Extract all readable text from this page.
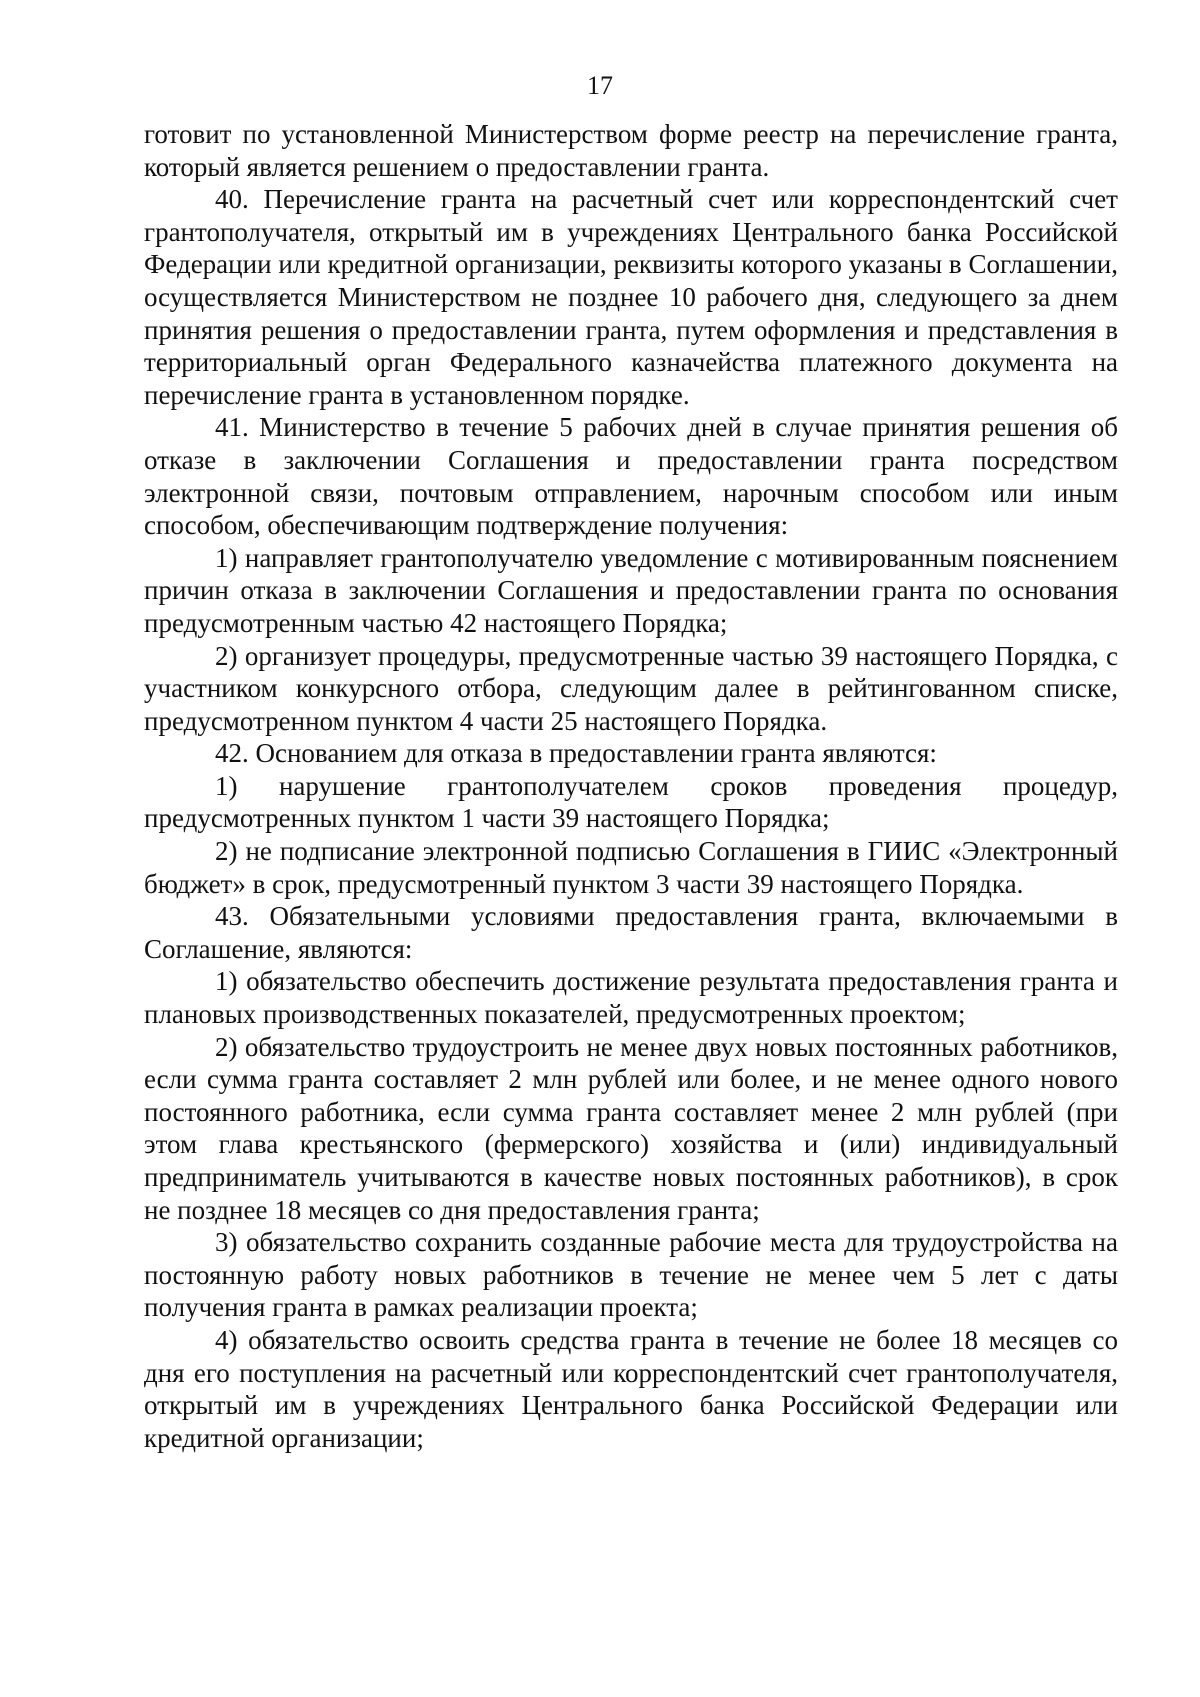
17

готовит по установленной Министерством форме реестр на перечисление гранта, который является решением о предоставлении гранта.

40. Перечисление гранта на расчетный счет или корреспондентский счет грантополучателя, открытый им в учреждениях Центрального банка Российской Федерации или кредитной организации, реквизиты которого указаны в Соглашении, осуществляется Министерством не позднее 10 рабочего дня, следующего за днем принятия решения о предоставлении гранта, путем оформления и представления в территориальный орган Федерального казначейства платежного документа на перечисление гранта в установленном порядке.

41. Министерство в течение 5 рабочих дней в случае принятия решения об отказе в заключении Соглашения и предоставлении гранта посредством электронной связи, почтовым отправлением, нарочным способом или иным способом, обеспечивающим подтверждение получения:

1) направляет грантополучателю уведомление с мотивированным пояснением причин отказа в заключении Соглашения и предоставлении гранта по основания предусмотренным частью 42 настоящего Порядка;

2) организует процедуры, предусмотренные частью 39 настоящего Порядка, с участником конкурсного отбора, следующим далее в рейтингованном списке, предусмотренном пунктом 4 части 25 настоящего Порядка.

42. Основанием для отказа в предоставлении гранта являются:

1) нарушение грантополучателем сроков проведения процедур, предусмотренных пунктом 1 части 39 настоящего Порядка;

2) не подписание электронной подписью Соглашения в ГИИС «Электронный бюджет» в срок, предусмотренный пунктом 3 части 39 настоящего Порядка.

43. Обязательными условиями предоставления гранта, включаемыми в Соглашение, являются:

1) обязательство обеспечить достижение результата предоставления гранта и плановых производственных показателей, предусмотренных проектом;

2) обязательство трудоустроить не менее двух новых постоянных работников, если сумма гранта составляет 2 млн рублей или более, и не менее одного нового постоянного работника, если сумма гранта составляет менее 2 млн рублей (при этом глава крестьянского (фермерского) хозяйства и (или) индивидуальный предприниматель учитываются в качестве новых постоянных работников), в срок не позднее 18 месяцев со дня предоставления гранта;

3) обязательство сохранить созданные рабочие места для трудоустройства на постоянную работу новых работников в течение не менее чем 5 лет с даты получения гранта в рамках реализации проекта;

4) обязательство освоить средства гранта в течение не более 18 месяцев со дня его поступления на расчетный или корреспондентский счет грантополучателя, открытый им в учреждениях Центрального банка Российской Федерации или кредитной организации;
